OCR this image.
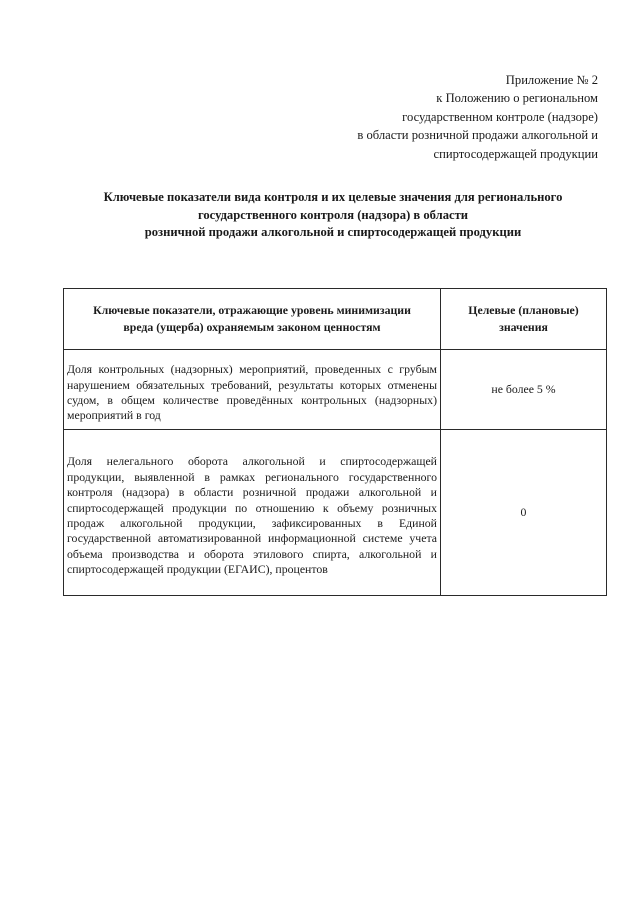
Приложение № 2
к Положению о региональном
государственном контроле (надзоре)
в области розничной продажи алкогольной и
спиртосодержащей продукции
Ключевые показатели вида контроля и их целевые значения для регионального
государственного контроля (надзора) в области
розничной продажи алкогольной и спиртосодержащей продукции
Ключевые показатели, отражающие уровень минимизации
вреда (ущерба) охраняемым законом ценностям	Целевые (плановые)
значения
Доля контрольных (надзорных) мероприятий, проведенных с грубым нарушением обязательных требований, результаты которых отменены судом, в общем количестве проведённых контрольных (надзорных) мероприятий в год	не более 5 %
Доля нелегального оборота алкогольной и спиртосодержащей продукции, выявленной в рамках регионального государственного контроля (надзора) в области розничной продажи алкогольной и спиртосодержащей продукции по отношению к объему розничных продаж алкогольной продукции, зафиксированных в Единой государственной автоматизированной информационной системе учета объема производства и оборота этилового спирта, алкогольной и спиртосодержащей продукции (ЕГАИС), процентов	0
